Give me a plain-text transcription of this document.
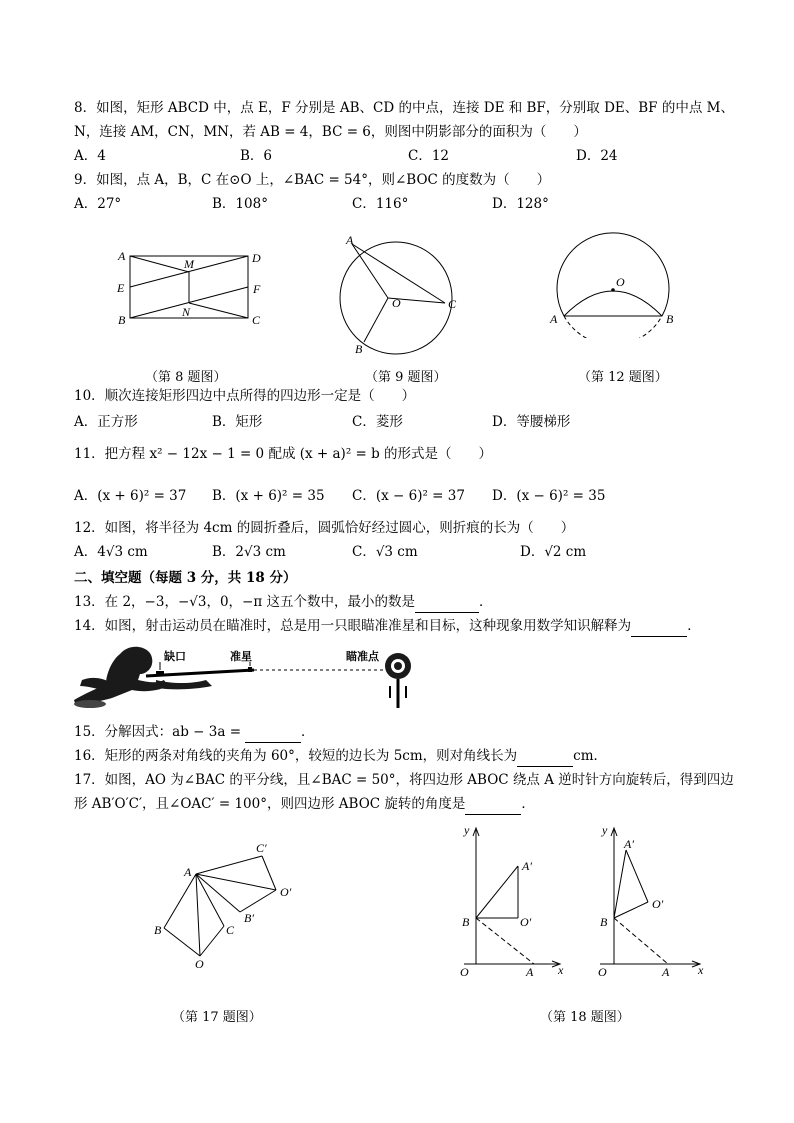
8．如图，矩形 ABCD 中，点 E，F 分别是 AB、CD 的中点，连接 DE 和 BF，分别取 DE、BF 的中点 M、
N，连接 AM，CN，MN，若 AB = 4，BC = 6，则图中阴影部分的面积为（　　）
A．4	B．6	C．12	D．24
9．如图，点 A，B，C 在⊙O 上，∠BAC = 54°，则∠BOC 的度数为（　　）
A．27°	B．108°	C．116°	D．128°
A
M	D
E	F
B
N
C
（第 8 题图）
A
O	C
B
（第 9 题图）
O
A	B
（第 12 题图）
10．顺次连接矩形四边中点所得的四边形一定是（　　）
A．正方形	B．矩形	C．菱形	D．等腰梯形
11．把方程 x² − 12x − 1 = 0 配成 (x + a)² = b 的形式是（　　）
A．(x + 6)² = 37 B．(x + 6)² = 35 C．(x − 6)² = 37 D．(x − 6)² = 35
12．如图，将半径为 4cm 的圆折叠后，圆弧恰好经过圆心，则折痕的长为（　　）
A．4√3 cm	B．2√3 cm	C．√3 cm	D．√2 cm
二、填空题（每题 3 分，共 18 分）
13．在 2，−3，−√3，0，−π 这五个数中，最小的数是	．
14．如图，射击运动员在瞄准时，总是用一只眼瞄准准星和目标，这种现象用数学知识解释为	．
缺口	准星	瞄准点
15．分解因式：ab − 3a =	．
16．矩形的两条对角线的夹角为 60°，较短的边长为 5cm，则对角线长为	cm．
17．如图，AO 为∠BAC 的平分线，且∠BAC = 50°，将四边形 ABOC 绕点 A 逆时针方向旋转后，得到四边
形 AB′O′C′，且∠OAC′ = 100°，则四边形 ABOC 旋转的角度是	．
C′
A
O′
B′
B	C
O
（第 17 题图）
y
A′
B	O′
O	A x
y
A′
O′
B
O	A x
（第 18 题图）
